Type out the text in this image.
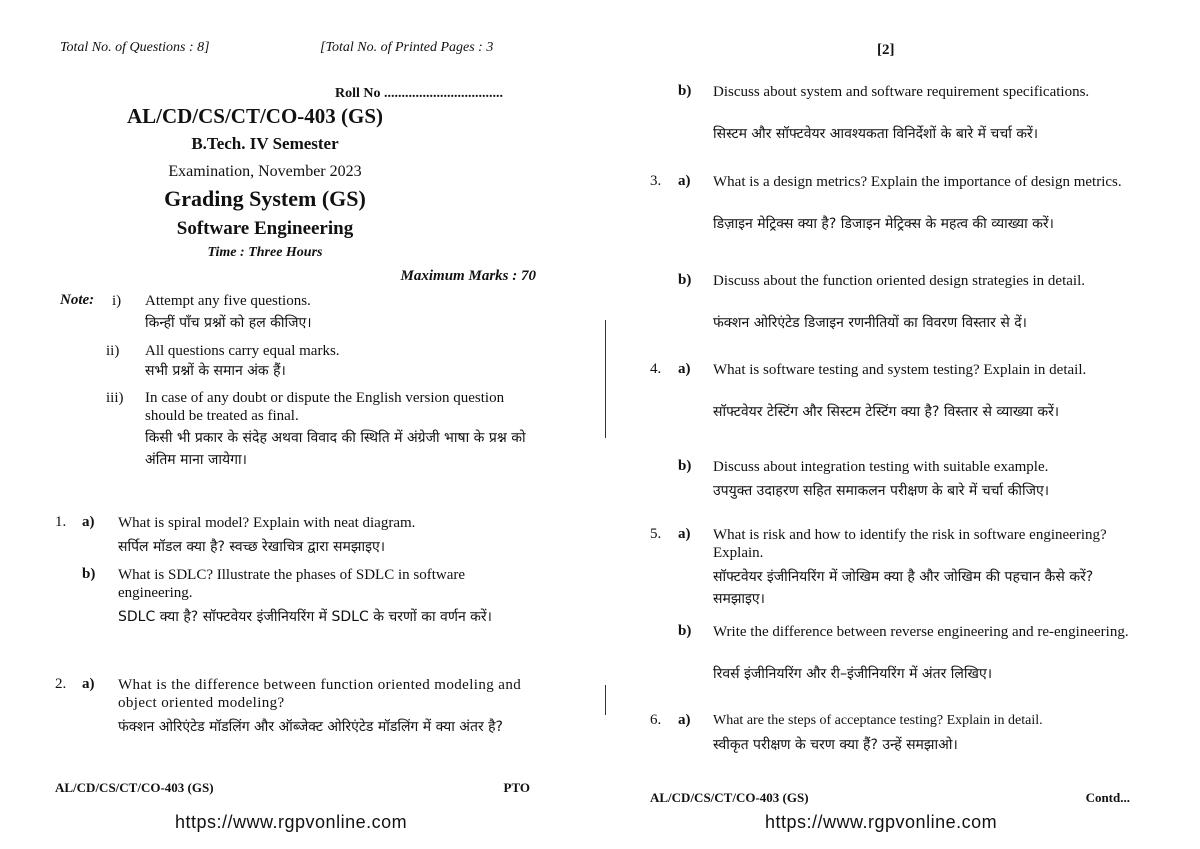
Total No. of Questions : 8]	[Total No. of Printed Pages : 3
Roll No ..................................
AL/CD/CS/CT/CO-403 (GS)
B.Tech. IV Semester
Examination, November 2023
Grading System (GS)
Software Engineering
Time : Three Hours
Maximum Marks : 70
Note: i) Attempt any five questions.
किन्हीं पाँच प्रश्नों को हल कीजिए।
ii) All questions carry equal marks.
सभी प्रश्नों के समान अंक हैं।
iii) In case of any doubt or dispute the English version question should be treated as final.
किसी भी प्रकार के संदेह अथवा विवाद की स्थिति में अंग्रेजी भाषा के प्रश्न को अंतिम माना जायेगा।
1. a) What is spiral model? Explain with neat diagram.
सर्पिल मॉडल क्या है? स्वच्छ रेखाचित्र द्वारा समझाइए।
b) What is SDLC? Illustrate the phases of SDLC in software engineering.
SDLC क्या है? सॉफ्टवेयर इंजीनियरिंग में SDLC के चरणों का वर्णन करें।
2. a) What is the difference between function oriented modeling and object oriented modeling?
फंक्शन ओरिएंटेड मॉडलिंग और ऑब्जेक्ट ओरिएंटेड मॉडलिंग में क्या अंतर है?
AL/CD/CS/CT/CO-403 (GS)	PTO
https://www.rgpvonline.com
[2]
b) Discuss about system and software requirement specifications.
सिस्टम और सॉफ्टवेयर आवश्यकता विनिर्देशों के बारे में चर्चा करें।
3. a) What is a design metrics? Explain the importance of design metrics.
डिज़ाइन मेट्रिक्स क्या है? डिजाइन मेट्रिक्स के महत्व की व्याख्या करें।
b) Discuss about the function oriented design strategies in detail.
फंक्शन ओरिएंटेड डिजाइन रणनीतियों का विवरण विस्तार से दें।
4. a) What is software testing and system testing? Explain in detail.
सॉफ्टवेयर टेस्टिंग और सिस्टम टेस्टिंग क्या है? विस्तार से व्याख्या करें।
b) Discuss about integration testing with suitable example.
उपयुक्त उदाहरण सहित समाकलन परीक्षण के बारे में चर्चा कीजिए।
5. a) What is risk and how to identify the risk in software engineering? Explain.
सॉफ्टवेयर इंजीनियरिंग में जोखिम क्या है और जोखिम की पहचान कैसे करें? समझाइए।
b) Write the difference between reverse engineering and re-engineering.
रिवर्स इंजीनियरिंग और री–इंजीनियरिंग में अंतर लिखिए।
6. a) What are the steps of acceptance testing? Explain in detail.
स्वीकृत परीक्षण के चरण क्या हैं? उन्हें समझाओ।
AL/CD/CS/CT/CO-403 (GS)	Contd...
https://www.rgpvonline.com
